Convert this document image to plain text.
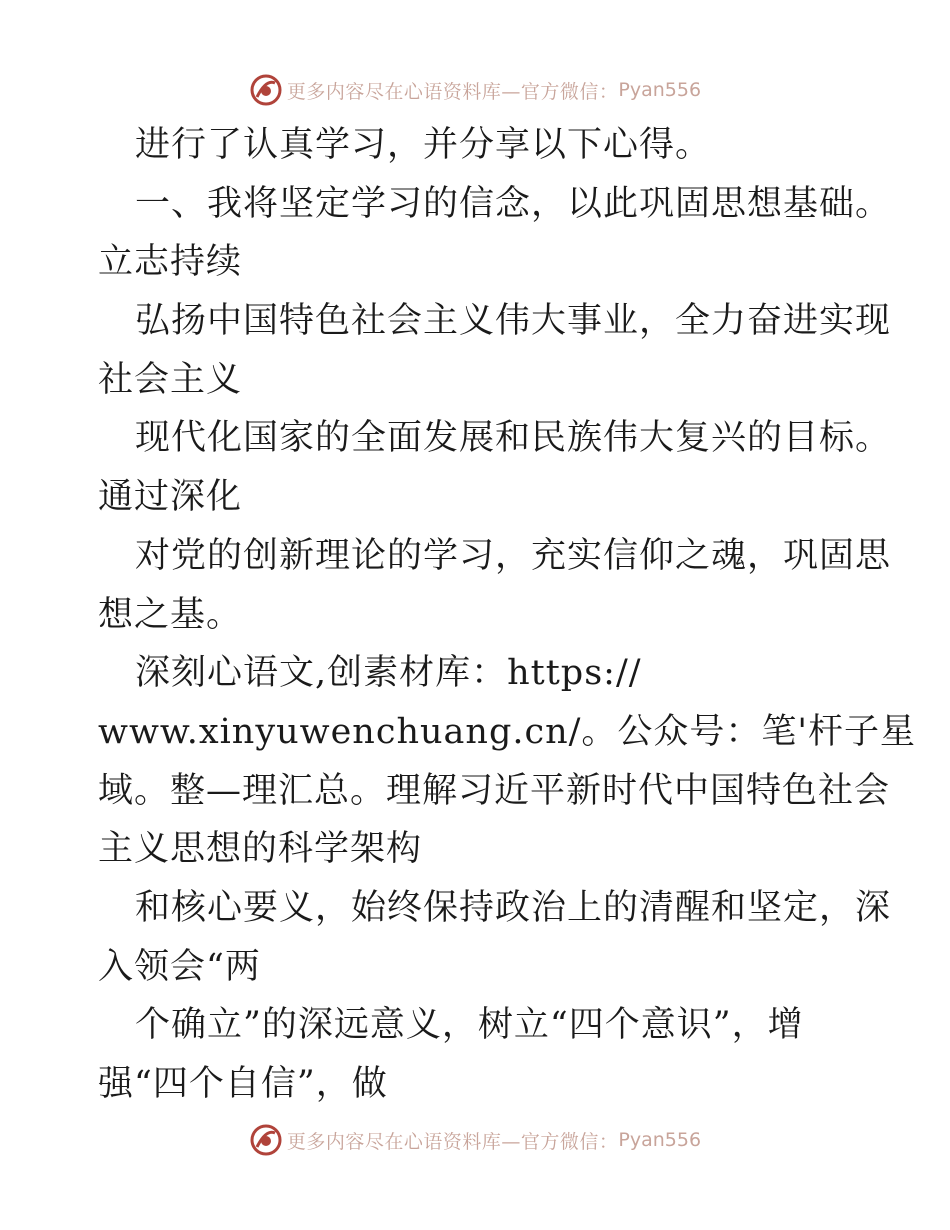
更多内容尽在心语资料库—官方微信： Pyan556
进行了认真学习，并分享以下心得。
一、我将坚定学习的信念，以此巩固思想基础。
立志持续
弘扬中国特色社会主义伟大事业，全力奋进实现
社会主义
现代化国家的全面发展和民族伟大复兴的目标。
通过深化
对党的创新理论的学习，充实信仰之魂，巩固思
想之基。
深刻心语文,创素材库：https://
www.xinyuwenchuang.cn/。公众号：笔'杆子星
域。整—理汇总。理解习近平新时代中国特色社会
主义思想的科学架构
和核心要义，始终保持政治上的清醒和坚定，深
入领会“两
个确立”的深远意义，树立“四个意识”，增
强“四个自信”，做
更多内容尽在心语资料库—官方微信： Pyan556
